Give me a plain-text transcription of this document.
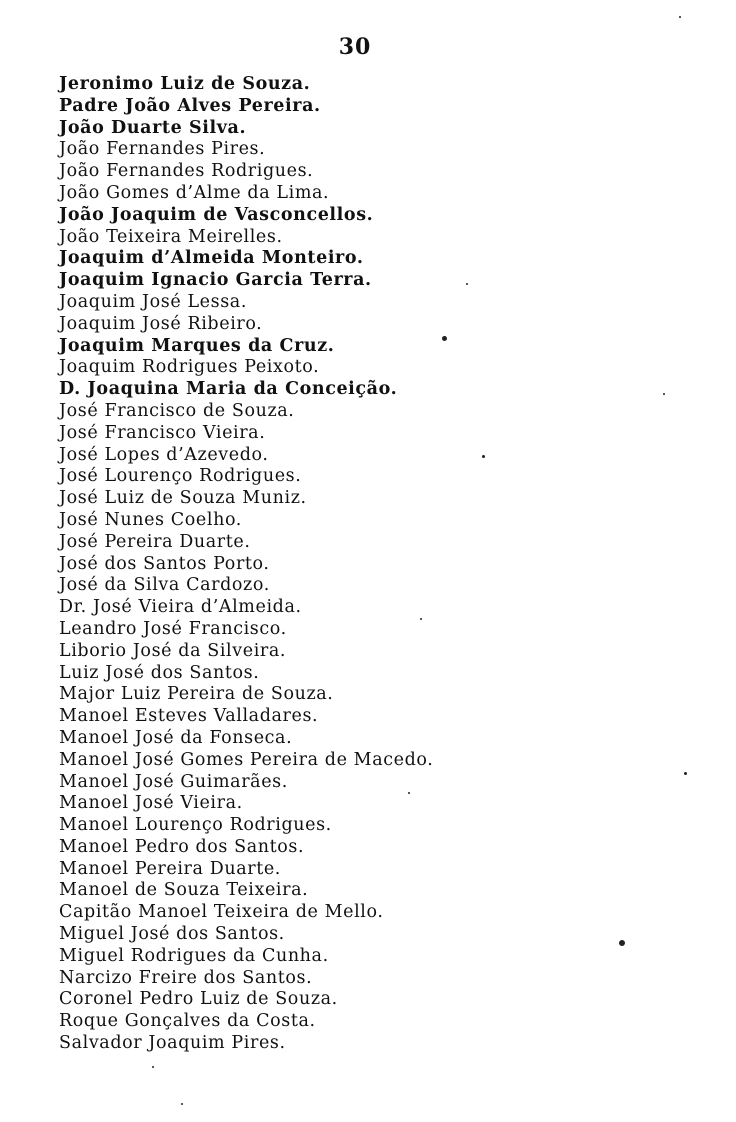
30
Jeronimo Luiz de Souza.
Padre João Alves Pereira.
João Duarte Silva.
João Fernandes Pires.
João Fernandes Rodrigues.
João Gomes d’Alme da Lima.
João Joaquim de Vasconcellos.
João Teixeira Meirelles.
Joaquim d’Almeida Monteiro.
Joaquim Ignacio Garcia Terra.
Joaquim José Lessa.
Joaquim José Ribeiro.
Joaquim Marques da Cruz.
Joaquim Rodrigues Peixoto.
D. Joaquina Maria da Conceição.
José Francisco de Souza.
José Francisco Vieira.
José Lopes d’Azevedo.
José Lourenço Rodrigues.
José Luiz de Souza Muniz.
José Nunes Coelho.
José Pereira Duarte.
José dos Santos Porto.
José da Silva Cardozo.
Dr. José Vieira d’Almeida.
Leandro José Francisco.
Liborio José da Silveira.
Luiz José dos Santos.
Major Luiz Pereira de Souza.
Manoel Esteves Valladares.
Manoel José da Fonseca.
Manoel José Gomes Pereira de Macedo.
Manoel José Guimarães.
Manoel José Vieira.
Manoel Lourenço Rodrigues.
Manoel Pedro dos Santos.
Manoel Pereira Duarte.
Manoel de Souza Teixeira.
Capitão Manoel Teixeira de Mello.
Miguel José dos Santos.
Miguel Rodrigues da Cunha.
Narcizo Freire dos Santos.
Coronel Pedro Luiz de Souza.
Roque Gonçalves da Costa.
Salvador Joaquim Pires.
